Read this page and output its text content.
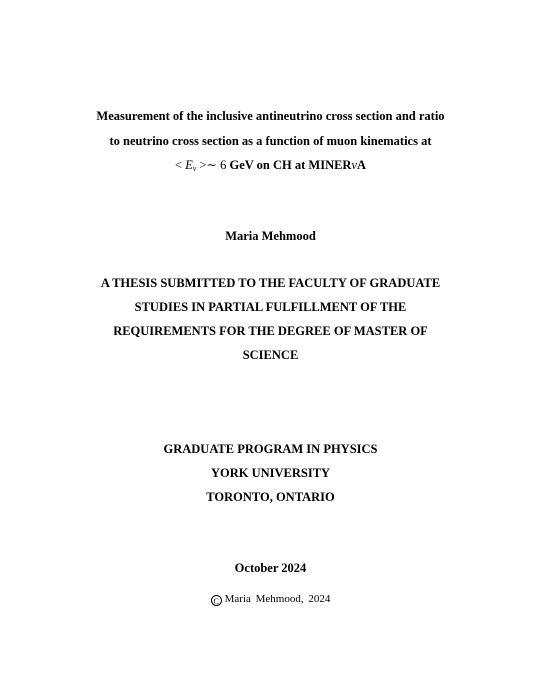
Measurement of the inclusive antineutrino cross section and ratio
to neutrino cross section as a function of muon kinematics at
< $E_\nu$ >∼ 6 GeV on CH at MINERνA
Maria Mehmood
A THESIS SUBMITTED TO THE FACULTY OF GRADUATE
STUDIES IN PARTIAL FULFILLMENT OF THE
REQUIREMENTS FOR THE DEGREE OF MASTER OF
SCIENCE
GRADUATE PROGRAM IN PHYSICS
YORK UNIVERSITY
TORONTO, ONTARIO
October 2024
C Maria Mehmood, 2024
